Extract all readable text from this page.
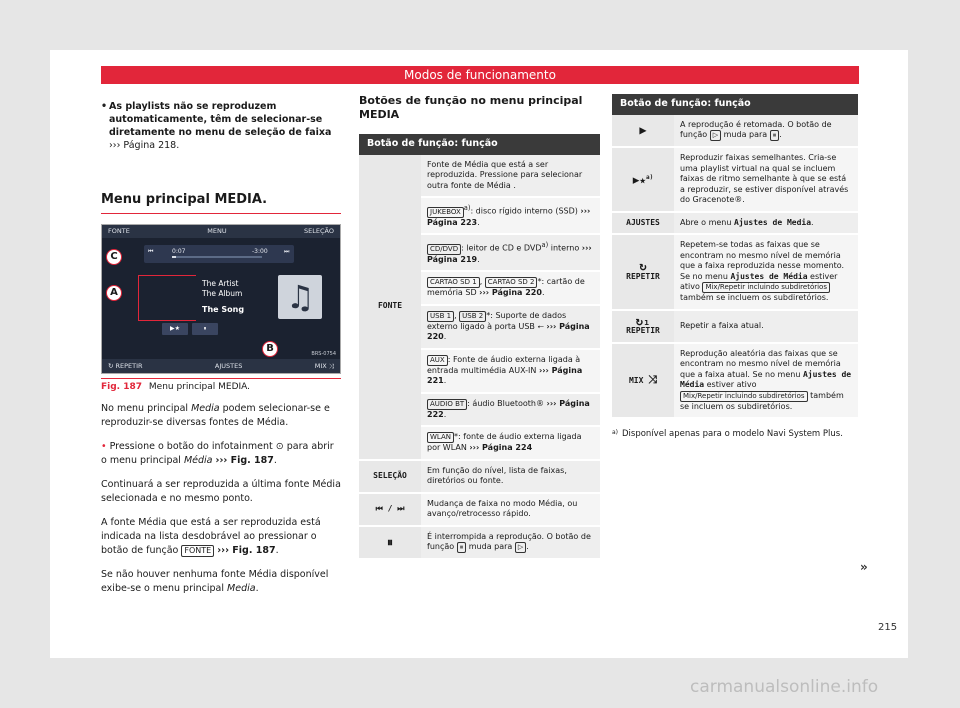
Modos de funcionamento
• As playlists não se reproduzem automaticamente, têm de selecionar-se diretamente no menu de seleção de faixa ››› Página 218.
Menu principal MEDIA.
FONTE	MENU	SELEÇÃO
⏮	0:07	-3:00	⏭
The Artist
The Album
The Song ♫
▶★	⏸
C
A
B	BRS-0754
↻ REPETIR	AJUSTES	MIX ⤨
Fig. 187 Menu principal MEDIA.
No menu principal Media podem selecionar-se e reproduzir-se diversas fontes de Média.
• Pressione o botão do infotainment ⊙ para abrir o menu principal Média ››› Fig. 187.
Continuará a ser reproduzida a última fonte Média selecionada e no mesmo ponto.
A fonte Média que está a ser reproduzida está indicada na lista desdobrável ao pressionar o botão de função FONTE ››› Fig. 187.
Se não houver nenhuma fonte Média disponível exibe-se o menu principal Media.
Botões de função no menu principal MEDIA
Botão de função: função	
FONTE	Fonte de Média que está a ser reproduzida. Pressione para selecionar outra fonte de Média .
	JUKEBOX $^{a)}$: disco rígido interno (SSD) ››› Página 223.
	CD/DVD : leitor de CD e DVD$^{a)}$ interno ››› Página 219.
	CARTÃO SD 1 , CARTÃO SD 2 *: cartão de memória SD ››› Página 220.
	USB 1 , USB 2 *: Suporte de dados externo ligado à porta USB ⭠ ››› Página 220.
	AUX : Fonte de áudio externa ligada à entrada multimédia AUX-IN ››› Página 221.
	ÁUDIO BT : áudio Bluetooth® ››› Página 222.
	WLAN *: fonte de áudio externa ligada por WLAN ››› Página 224
SELEÇÃO	Em função do nível, lista de faixas, diretórios ou fonte.
⏮ / ⏭	Mudança de faixa no modo Média, ou avanço/retrocesso rápido.
⏸	É interrompida a reprodução. O botão de função ⏸ muda para ▷ .
Botão de função: função	
▶	A reprodução é retomada. O botão de função ▷ muda para ⏸ .
▶★$^{a)}$	Reproduzir faixas semelhantes. Cria-se uma playlist virtual na qual se incluem faixas de ritmo semelhante à que se está a reproduzir, se estiver disponível através do Gracenote®.
AJUSTES	Abre o menu Ajustes de Media.

↻
REPETIR	Repetem-se todas as faixas que se encontram no mesmo nível de memória que a faixa reproduzida nesse momento. Se no menu Ajustes de Média estiver ativo Mix/Repetir incluindo subdiretórios também se incluem os subdiretórios.

↻₁
REPETIR	Repetir a faixa atual.
MIX ⤨	Reprodução aleatória das faixas que se encontram no mesmo nível de memória que a faixa atual. Se no menu Ajustes de Média estiver ativo Mix/Repetir incluindo subdiretórios também se incluem os subdiretórios.
a) Disponível apenas para o modelo Navi System Plus.
»
215
carmanualsonline.info
